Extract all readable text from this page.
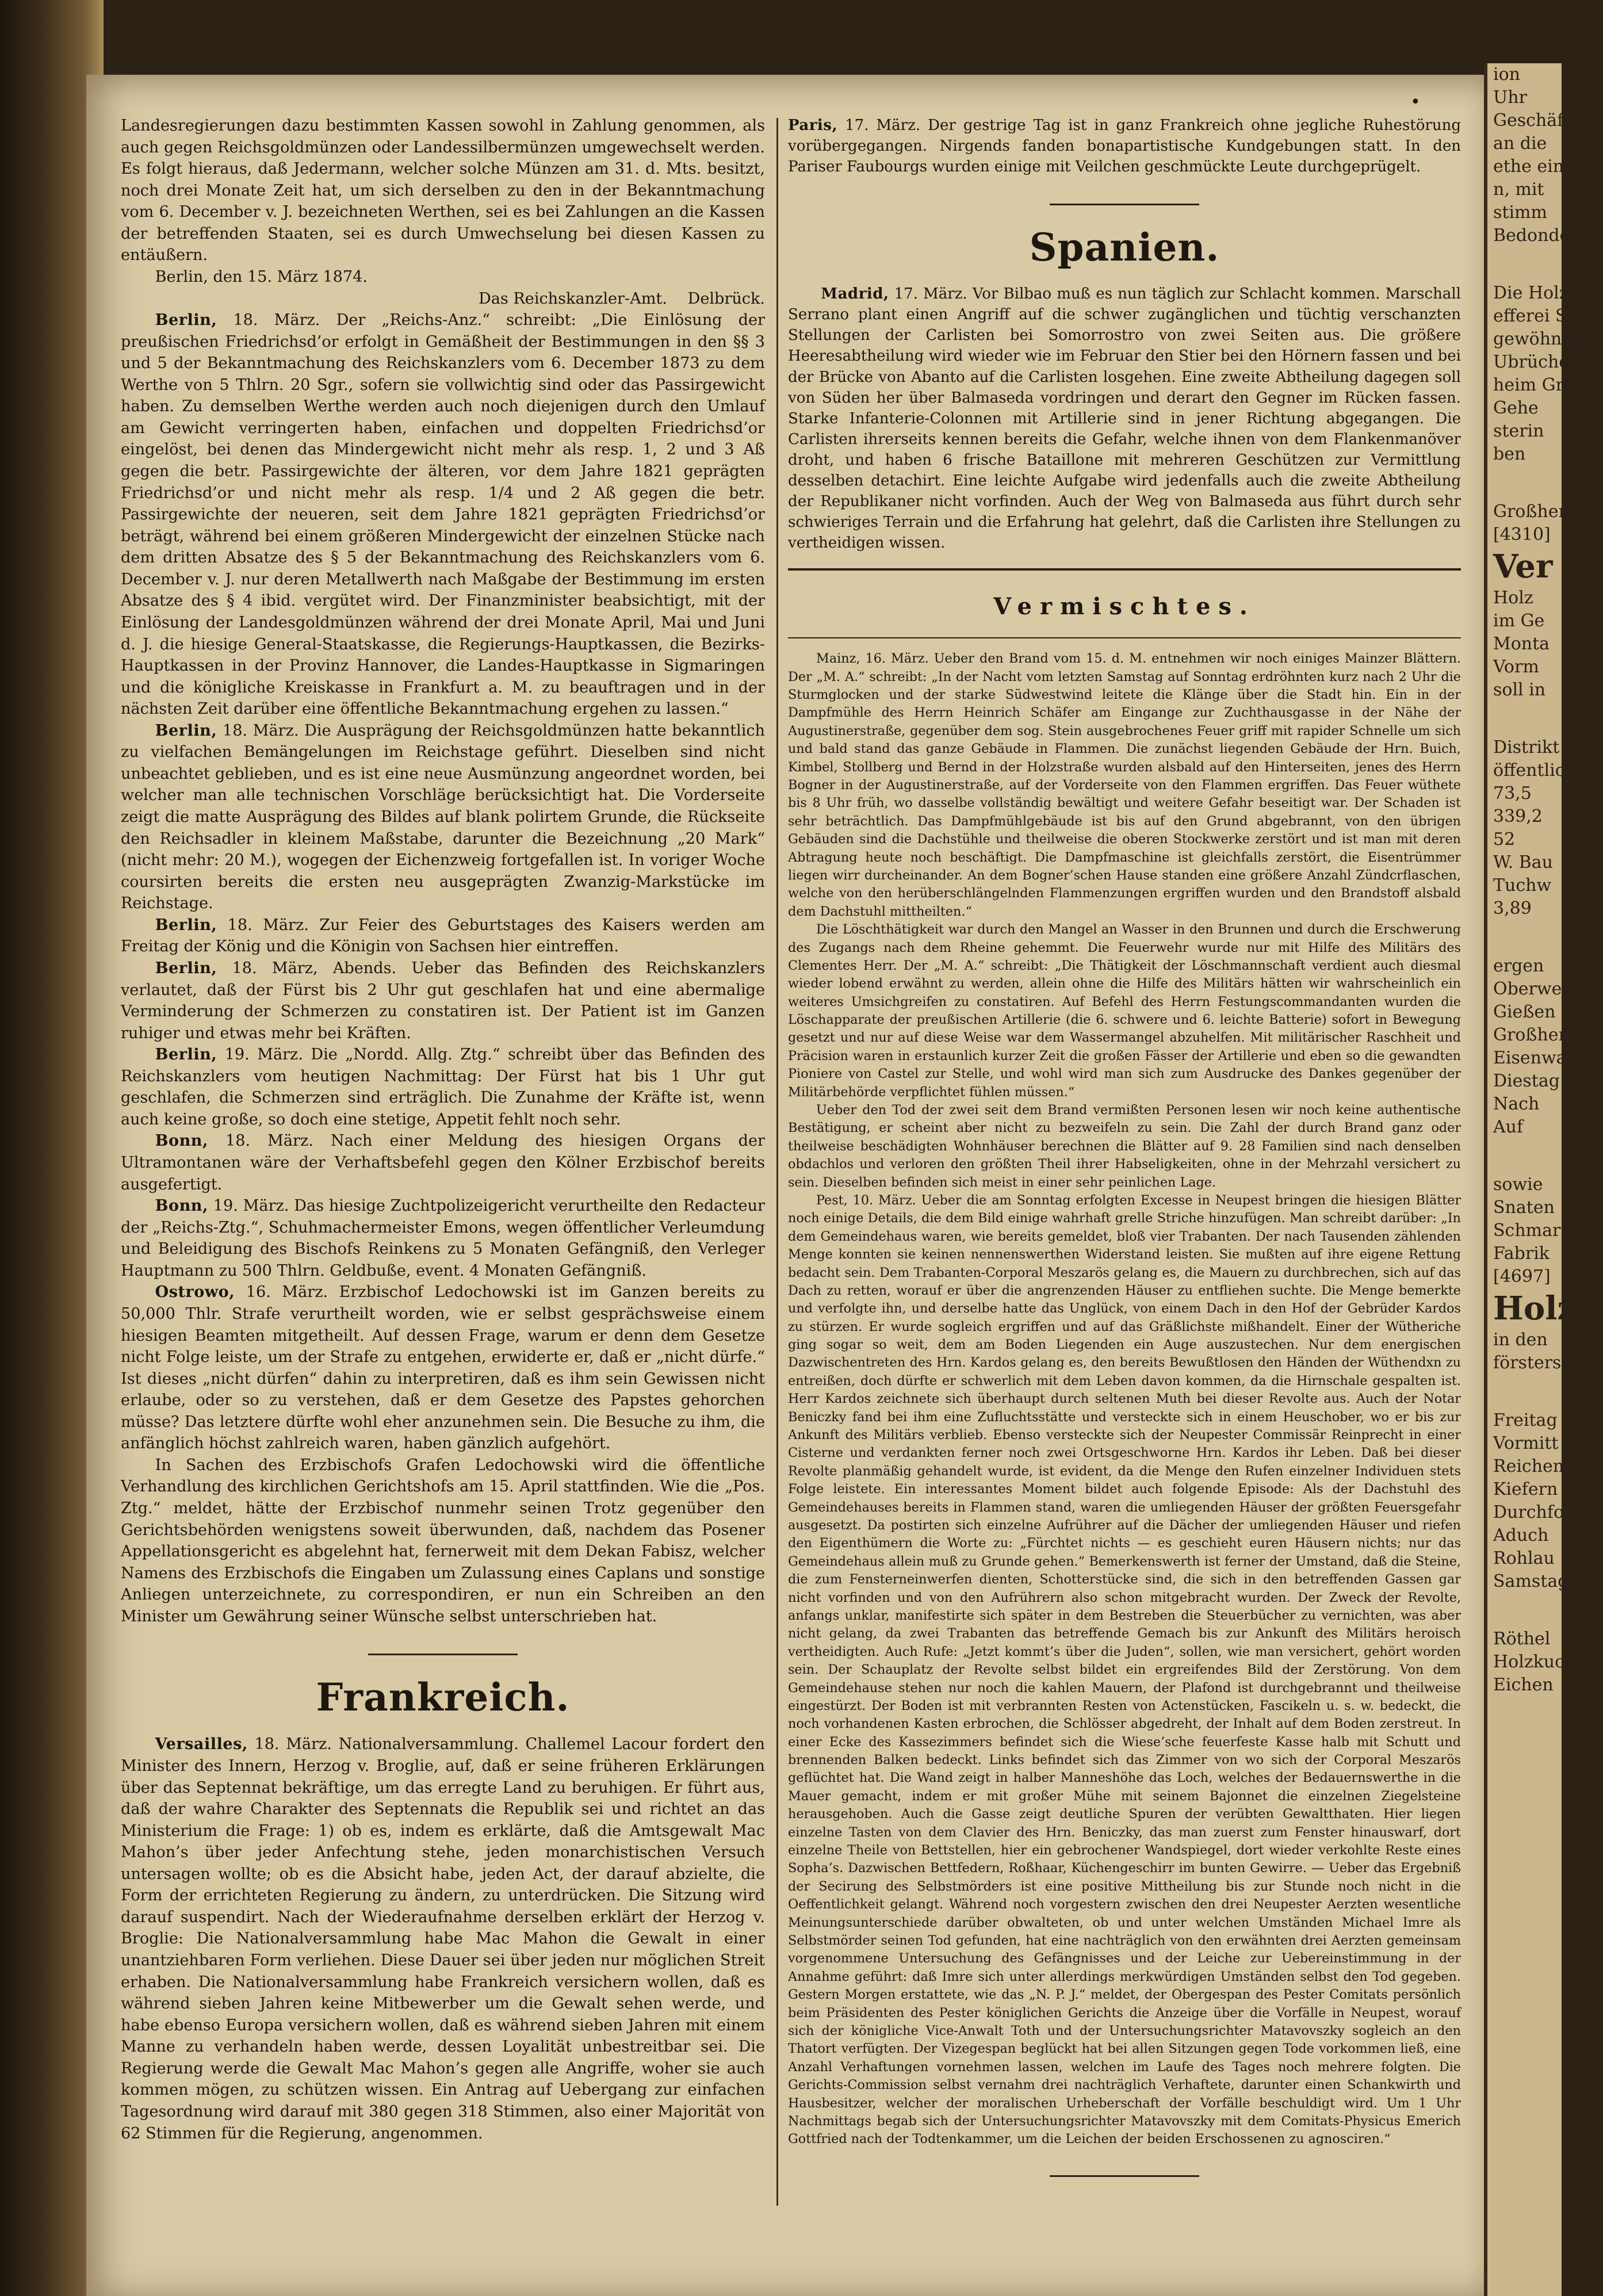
ion
Uhr
Geschäfts
an die
ethe ein
n, mit
stimm
Bedondere
Die Holz
efferei Se
gewöhnlich
Ubrücher
heim Gro
Gehe
sterin
ben
Großherzogl
[4310]
Ver
Holz
im Ge
Monta
Vorm
soll in
Distrikt
öffentlich
73,5
339,2
52
W. Bau
Tuchw
3,89
ergen
Oberwer
Gießen
Großherz
Eisenwa
Diestag
Nach
Auf
sowie
Snaten
Schmarren
Fabrik
[4697]
Holz
in den
försters
Freitag
Vormitt
Reichen
Kiefern
Durchfor
Aduch
Rohlau
Samstag
Röthel
Holzkuch
Eichen
•

Landesregierungen dazu bestimmten Kassen sowohl in Zahlung genommen, als auch gegen Reichsgoldmünzen oder Landessilbermünzen umgewechselt werden. Es folgt hieraus, daß Jedermann, welcher solche Münzen am 31. d. Mts. besitzt, noch drei Monate Zeit hat, um sich derselben zu den in der Bekanntmachung vom 6. December v. J. bezeichneten Werthen, sei es bei Zahlungen an die Kassen der betreffenden Staaten, sei es durch Umwechselung bei diesen Kassen zu entäußern.

Berlin, den 15. März 1874.

Das Reichskanzler-Amt. Delbrück.

Berlin, 18. März. Der „Reichs-Anz.“ schreibt: „Die Einlösung der preußischen Friedrichsd’or erfolgt in Gemäßheit der Bestimmungen in den §§ 3 und 5 der Bekanntmachung des Reichskanzlers vom 6. December 1873 zu dem Werthe von 5 Thlrn. 20 Sgr., sofern sie vollwichtig sind oder das Passirgewicht haben. Zu demselben Werthe werden auch noch diejenigen durch den Umlauf am Gewicht verringerten haben, einfachen und doppelten Friedrichsd’or eingelöst, bei denen das Mindergewicht nicht mehr als resp. 1, 2 und 3 Aß gegen die betr. Passirgewichte der älteren, vor dem Jahre 1821 geprägten Friedrichsd’or und nicht mehr als resp. 1/4 und 2 Aß gegen die betr. Passirgewichte der neueren, seit dem Jahre 1821 geprägten Friedrichsd’or beträgt, während bei einem größeren Mindergewicht der einzelnen Stücke nach dem dritten Absatze des § 5 der Bekanntmachung des Reichskanzlers vom 6. December v. J. nur deren Metallwerth nach Maßgabe der Bestimmung im ersten Absatze des § 4 ibid. vergütet wird. Der Finanzminister beabsichtigt, mit der Einlösung der Landesgoldmünzen während der drei Monate April, Mai und Juni d. J. die hiesige General-Staatskasse, die Regierungs-Hauptkassen, die Bezirks-Hauptkassen in der Provinz Hannover, die Landes-Hauptkasse in Sigmaringen und die königliche Kreiskasse in Frankfurt a. M. zu beauftragen und in der nächsten Zeit darüber eine öffentliche Bekanntmachung ergehen zu lassen.“

Berlin, 18. März. Die Ausprägung der Reichsgoldmünzen hatte bekanntlich zu vielfachen Bemängelungen im Reichstage geführt. Dieselben sind nicht unbeachtet geblieben, und es ist eine neue Ausmünzung angeordnet worden, bei welcher man alle technischen Vorschläge berücksichtigt hat. Die Vorderseite zeigt die matte Ausprägung des Bildes auf blank polirtem Grunde, die Rückseite den Reichsadler in kleinem Maßstabe, darunter die Bezeichnung „20 Mark“ (nicht mehr: 20 M.), wogegen der Eichenzweig fortgefallen ist. In voriger Woche coursirten bereits die ersten neu ausgeprägten Zwanzig-Markstücke im Reichstage.

Berlin, 18. März. Zur Feier des Geburtstages des Kaisers werden am Freitag der König und die Königin von Sachsen hier eintreffen.

Berlin, 18. März, Abends. Ueber das Befinden des Reichskanzlers verlautet, daß der Fürst bis 2 Uhr gut geschlafen hat und eine abermalige Verminderung der Schmerzen zu constatiren ist. Der Patient ist im Ganzen ruhiger und etwas mehr bei Kräften.

Berlin, 19. März. Die „Nordd. Allg. Ztg.“ schreibt über das Befinden des Reichskanzlers vom heutigen Nachmittag: Der Fürst hat bis 1 Uhr gut geschlafen, die Schmerzen sind erträglich. Die Zunahme der Kräfte ist, wenn auch keine große, so doch eine stetige, Appetit fehlt noch sehr.

Bonn, 18. März. Nach einer Meldung des hiesigen Organs der Ultramontanen wäre der Verhaftsbefehl gegen den Kölner Erzbischof bereits ausgefertigt.

Bonn, 19. März. Das hiesige Zuchtpolizeigericht verurtheilte den Redacteur der „Reichs-Ztg.“, Schuhmachermeister Emons, wegen öffentlicher Verleumdung und Beleidigung des Bischofs Reinkens zu 5 Monaten Gefängniß, den Verleger Hauptmann zu 500 Thlrn. Geldbuße, event. 4 Monaten Gefängniß.

Ostrowo, 16. März. Erzbischof Ledochowski ist im Ganzen bereits zu 50,000 Thlr. Strafe verurtheilt worden, wie er selbst gesprächsweise einem hiesigen Beamten mitgetheilt. Auf dessen Frage, warum er denn dem Gesetze nicht Folge leiste, um der Strafe zu entgehen, erwiderte er, daß er „nicht dürfe.“ Ist dieses „nicht dürfen“ dahin zu interpretiren, daß es ihm sein Gewissen nicht erlaube, oder so zu verstehen, daß er dem Gesetze des Papstes gehorchen müsse? Das letztere dürfte wohl eher anzunehmen sein. Die Besuche zu ihm, die anfänglich höchst zahlreich waren, haben gänzlich aufgehört.

In Sachen des Erzbischofs Grafen Ledochowski wird die öffentliche Verhandlung des kirchlichen Gerichtshofs am 15. April stattfinden. Wie die „Pos. Ztg.“ meldet, hätte der Erzbischof nunmehr seinen Trotz gegenüber den Gerichtsbehörden wenigstens soweit überwunden, daß, nachdem das Posener Appellationsgericht es abgelehnt hat, fernerweit mit dem Dekan Fabisz, welcher Namens des Erzbischofs die Eingaben um Zulassung eines Caplans und sonstige Anliegen unterzeichnete, zu correspondiren, er nun ein Schreiben an den Minister um Gewährung seiner Wünsche selbst unterschrieben hat.

Frankreich.

Versailles, 18. März. Nationalversammlung. Challemel Lacour fordert den Minister des Innern, Herzog v. Broglie, auf, daß er seine früheren Erklärungen über das Septennat bekräftige, um das erregte Land zu beruhigen. Er führt aus, daß der wahre Charakter des Septennats die Republik sei und richtet an das Ministerium die Frage: 1) ob es, indem es erklärte, daß die Amtsgewalt Mac Mahon’s über jeder Anfechtung stehe, jeden monarchistischen Versuch untersagen wollte; ob es die Absicht habe, jeden Act, der darauf abzielte, die Form der errichteten Regierung zu ändern, zu unterdrücken. Die Sitzung wird darauf suspendirt. Nach der Wiederaufnahme derselben erklärt der Herzog v. Broglie: Die Nationalversammlung habe Mac Mahon die Gewalt in einer unantziehbaren Form verliehen. Diese Dauer sei über jeden nur möglichen Streit erhaben. Die Nationalversammlung habe Frankreich versichern wollen, daß es während sieben Jahren keine Mitbewerber um die Gewalt sehen werde, und habe ebenso Europa versichern wollen, daß es während sieben Jahren mit einem Manne zu verhandeln haben werde, dessen Loyalität unbestreitbar sei. Die Regierung werde die Gewalt Mac Mahon’s gegen alle Angriffe, woher sie auch kommen mögen, zu schützen wissen. Ein Antrag auf Uebergang zur einfachen Tagesordnung wird darauf mit 380 gegen 318 Stimmen, also einer Majorität von 62 Stimmen für die Regierung, angenommen.

Paris, 17. März. Der gestrige Tag ist in ganz Frankreich ohne jegliche Ruhestörung vorübergegangen. Nirgends fanden bonapartistische Kundgebungen statt. In den Pariser Faubourgs wurden einige mit Veilchen geschmückte Leute durchgeprügelt.

Spanien.

Madrid, 17. März. Vor Bilbao muß es nun täglich zur Schlacht kommen. Marschall Serrano plant einen Angriff auf die schwer zugänglichen und tüchtig verschanzten Stellungen der Carlisten bei Somorrostro von zwei Seiten aus. Die größere Heeresabtheilung wird wieder wie im Februar den Stier bei den Hörnern fassen und bei der Brücke von Abanto auf die Carlisten losgehen. Eine zweite Abtheilung dagegen soll von Süden her über Balmaseda vordringen und derart den Gegner im Rücken fassen. Starke Infanterie-Colonnen mit Artillerie sind in jener Richtung abgegangen. Die Carlisten ihrerseits kennen bereits die Gefahr, welche ihnen von dem Flankenmanöver droht, und haben 6 frische Bataillone mit mehreren Geschützen zur Vermittlung desselben detachirt. Eine leichte Aufgabe wird jedenfalls auch die zweite Abtheilung der Republikaner nicht vorfinden. Auch der Weg von Balmaseda aus führt durch sehr schwieriges Terrain und die Erfahrung hat gelehrt, daß die Carlisten ihre Stellungen zu vertheidigen wissen.

Vermischtes.

Mainz, 16. März. Ueber den Brand vom 15. d. M. entnehmen wir noch einiges Mainzer Blättern. Der „M. A.“ schreibt: „In der Nacht vom letzten Samstag auf Sonntag erdröhnten kurz nach 2 Uhr die Sturmglocken und der starke Südwestwind leitete die Klänge über die Stadt hin. Ein in der Dampfmühle des Herrn Heinrich Schäfer am Eingange zur Zuchthausgasse in der Nähe der Augustinerstraße, gegenüber dem sog. Stein ausgebrochenes Feuer griff mit rapider Schnelle um sich und bald stand das ganze Gebäude in Flammen. Die zunächst liegenden Gebäude der Hrn. Buich, Kimbel, Stollberg und Bernd in der Holzstraße wurden alsbald auf den Hinterseiten, jenes des Herrn Bogner in der Augustinerstraße, auf der Vorderseite von den Flammen ergriffen. Das Feuer wüthete bis 8 Uhr früh, wo dasselbe vollständig bewältigt und weitere Gefahr beseitigt war. Der Schaden ist sehr beträchtlich. Das Dampfmühlgebäude ist bis auf den Grund abgebrannt, von den übrigen Gebäuden sind die Dachstühle und theilweise die oberen Stockwerke zerstört und ist man mit deren Abtragung heute noch beschäftigt. Die Dampfmaschine ist gleichfalls zerstört, die Eisentrümmer liegen wirr durcheinander. An dem Bogner’schen Hause standen eine größere Anzahl Zündcrflaschen, welche von den herüberschlängelnden Flammenzungen ergriffen wurden und den Brandstoff alsbald dem Dachstuhl mittheilten.“

Die Löschthätigkeit war durch den Mangel an Wasser in den Brunnen und durch die Erschwerung des Zugangs nach dem Rheine gehemmt. Die Feuerwehr wurde nur mit Hilfe des Militärs des Clementes Herr. Der „M. A.“ schreibt: „Die Thätigkeit der Löschmannschaft verdient auch diesmal wieder lobend erwähnt zu werden, allein ohne die Hilfe des Militärs hätten wir wahrscheinlich ein weiteres Umsichgreifen zu constatiren. Auf Befehl des Herrn Festungscommandanten wurden die Löschapparate der preußischen Artillerie (die 6. schwere und 6. leichte Batterie) sofort in Bewegung gesetzt und nur auf diese Weise war dem Wassermangel abzuhelfen. Mit militärischer Raschheit und Präcision waren in erstaunlich kurzer Zeit die großen Fässer der Artillerie und eben so die gewandten Pioniere von Castel zur Stelle, und wohl wird man sich zum Ausdrucke des Dankes gegenüber der Militärbehörde verpflichtet fühlen müssen.“

Ueber den Tod der zwei seit dem Brand vermißten Personen lesen wir noch keine authentische Bestätigung, er scheint aber nicht zu bezweifeln zu sein. Die Zahl der durch Brand ganz oder theilweise beschädigten Wohnhäuser berechnen die Blätter auf 9. 28 Familien sind nach denselben obdachlos und verloren den größten Theil ihrer Habseligkeiten, ohne in der Mehrzahl versichert zu sein. Dieselben befinden sich meist in einer sehr peinlichen Lage.

Pest, 10. März. Ueber die am Sonntag erfolgten Excesse in Neupest bringen die hiesigen Blätter noch einige Details, die dem Bild einige wahrhaft grelle Striche hinzufügen. Man schreibt darüber: „In dem Gemeindehaus waren, wie bereits gemeldet, bloß vier Trabanten. Der nach Tausenden zählenden Menge konnten sie keinen nennenswerthen Widerstand leisten. Sie mußten auf ihre eigene Rettung bedacht sein. Dem Trabanten-Corporal Meszarös gelang es, die Mauern zu durchbrechen, sich auf das Dach zu retten, worauf er über die angrenzenden Häuser zu entfliehen suchte. Die Menge bemerkte und verfolgte ihn, und derselbe hatte das Unglück, von einem Dach in den Hof der Gebrüder Kardos zu stürzen. Er wurde sogleich ergriffen und auf das Gräßlichste mißhandelt. Einer der Wütheriche ging sogar so weit, dem am Boden Liegenden ein Auge auszustechen. Nur dem energischen Dazwischentreten des Hrn. Kardos gelang es, den bereits Bewußtlosen den Händen der Wüthendxn zu entreißen, doch dürfte er schwerlich mit dem Leben davon kommen, da die Hirnschale gespalten ist. Herr Kardos zeichnete sich überhaupt durch seltenen Muth bei dieser Revolte aus. Auch der Notar Beniczky fand bei ihm eine Zufluchtsstätte und versteckte sich in einem Heuschober, wo er bis zur Ankunft des Militärs verblieb. Ebenso versteckte sich der Neupester Commissär Reinprecht in einer Cisterne und verdankten ferner noch zwei Ortsgeschworne Hrn. Kardos ihr Leben. Daß bei dieser Revolte planmäßig gehandelt wurde, ist evident, da die Menge den Rufen einzelner Individuen stets Folge leistete. Ein interessantes Moment bildet auch folgende Episode: Als der Dachstuhl des Gemeindehauses bereits in Flammen stand, waren die umliegenden Häuser der größten Feuersgefahr ausgesetzt. Da postirten sich einzelne Aufrührer auf die Dächer der umliegenden Häuser und riefen den Eigenthümern die Worte zu: „Fürchtet nichts — es geschieht euren Häusern nichts; nur das Gemeindehaus allein muß zu Grunde gehen.“ Bemerkenswerth ist ferner der Umstand, daß die Steine, die zum Fensterneinwerfen dienten, Schotterstücke sind, die sich in den betreffenden Gassen gar nicht vorfinden und von den Aufrührern also schon mitgebracht wurden. Der Zweck der Revolte, anfangs unklar, manifestirte sich später in dem Bestreben die Steuerbücher zu vernichten, was aber nicht gelang, da zwei Trabanten das betreffende Gemach bis zur Ankunft des Militärs heroisch vertheidigten. Auch Rufe: „Jetzt kommt’s über die Juden“, sollen, wie man versichert, gehört worden sein. Der Schauplatz der Revolte selbst bildet ein ergreifendes Bild der Zerstörung. Von dem Gemeindehause stehen nur noch die kahlen Mauern, der Plafond ist durchgebrannt und theilweise eingestürzt. Der Boden ist mit verbrannten Resten von Actenstücken, Fascikeln u. s. w. bedeckt, die noch vorhandenen Kasten erbrochen, die Schlösser abgedreht, der Inhalt auf dem Boden zerstreut. In einer Ecke des Kassezimmers befindet sich die Wiese’sche feuerfeste Kasse halb mit Schutt und brennenden Balken bedeckt. Links befindet sich das Zimmer von wo sich der Corporal Meszarös geflüchtet hat. Die Wand zeigt in halber Manneshöhe das Loch, welches der Bedauernswerthe in die Mauer gemacht, indem er mit großer Mühe mit seinem Bajonnet die einzelnen Ziegelsteine herausgehoben. Auch die Gasse zeigt deutliche Spuren der verübten Gewaltthaten. Hier liegen einzelne Tasten von dem Clavier des Hrn. Beniczky, das man zuerst zum Fenster hinauswarf, dort einzelne Theile von Bettstellen, hier ein gebrochener Wandspiegel, dort wieder verkohlte Reste eines Sopha’s. Dazwischen Bettfedern, Roßhaar, Küchengeschirr im bunten Gewirre. — Ueber das Ergebniß der Secirung des Selbstmörders ist eine positive Mittheilung bis zur Stunde noch nicht in die Oeffentlichkeit gelangt. Während noch vorgestern zwischen den drei Neupester Aerzten wesentliche Meinungsunterschiede darüber obwalteten, ob und unter welchen Umständen Michael Imre als Selbstmörder seinen Tod gefunden, hat eine nachträglich von den erwähnten drei Aerzten gemeinsam vorgenommene Untersuchung des Gefängnisses und der Leiche zur Uebereinstimmung in der Annahme geführt: daß Imre sich unter allerdings merkwürdigen Umständen selbst den Tod gegeben. Gestern Morgen erstattete, wie das „N. P. J.“ meldet, der Obergespan des Pester Comitats persönlich beim Präsidenten des Pester königlichen Gerichts die Anzeige über die Vorfälle in Neupest, worauf sich der königliche Vice-Anwalt Toth und der Untersuchungsrichter Matavovszky sogleich an den Thatort verfügten. Der Vizegespan beglückt hat bei allen Sitzungen gegen Tode vorkommen ließ, eine Anzahl Verhaftungen vornehmen lassen, welchen im Laufe des Tages noch mehrere folgten. Die Gerichts-Commission selbst vernahm drei nachträglich Verhaftete, darunter einen Schankwirth und Hausbesitzer, welcher der moralischen Urheberschaft der Vorfälle beschuldigt wird. Um 1 Uhr Nachmittags begab sich der Untersuchungsrichter Matavovszky mit dem Comitats-Physicus Emerich Gottfried nach der Todtenkammer, um die Leichen der beiden Erschossenen zu agnosciren.“
